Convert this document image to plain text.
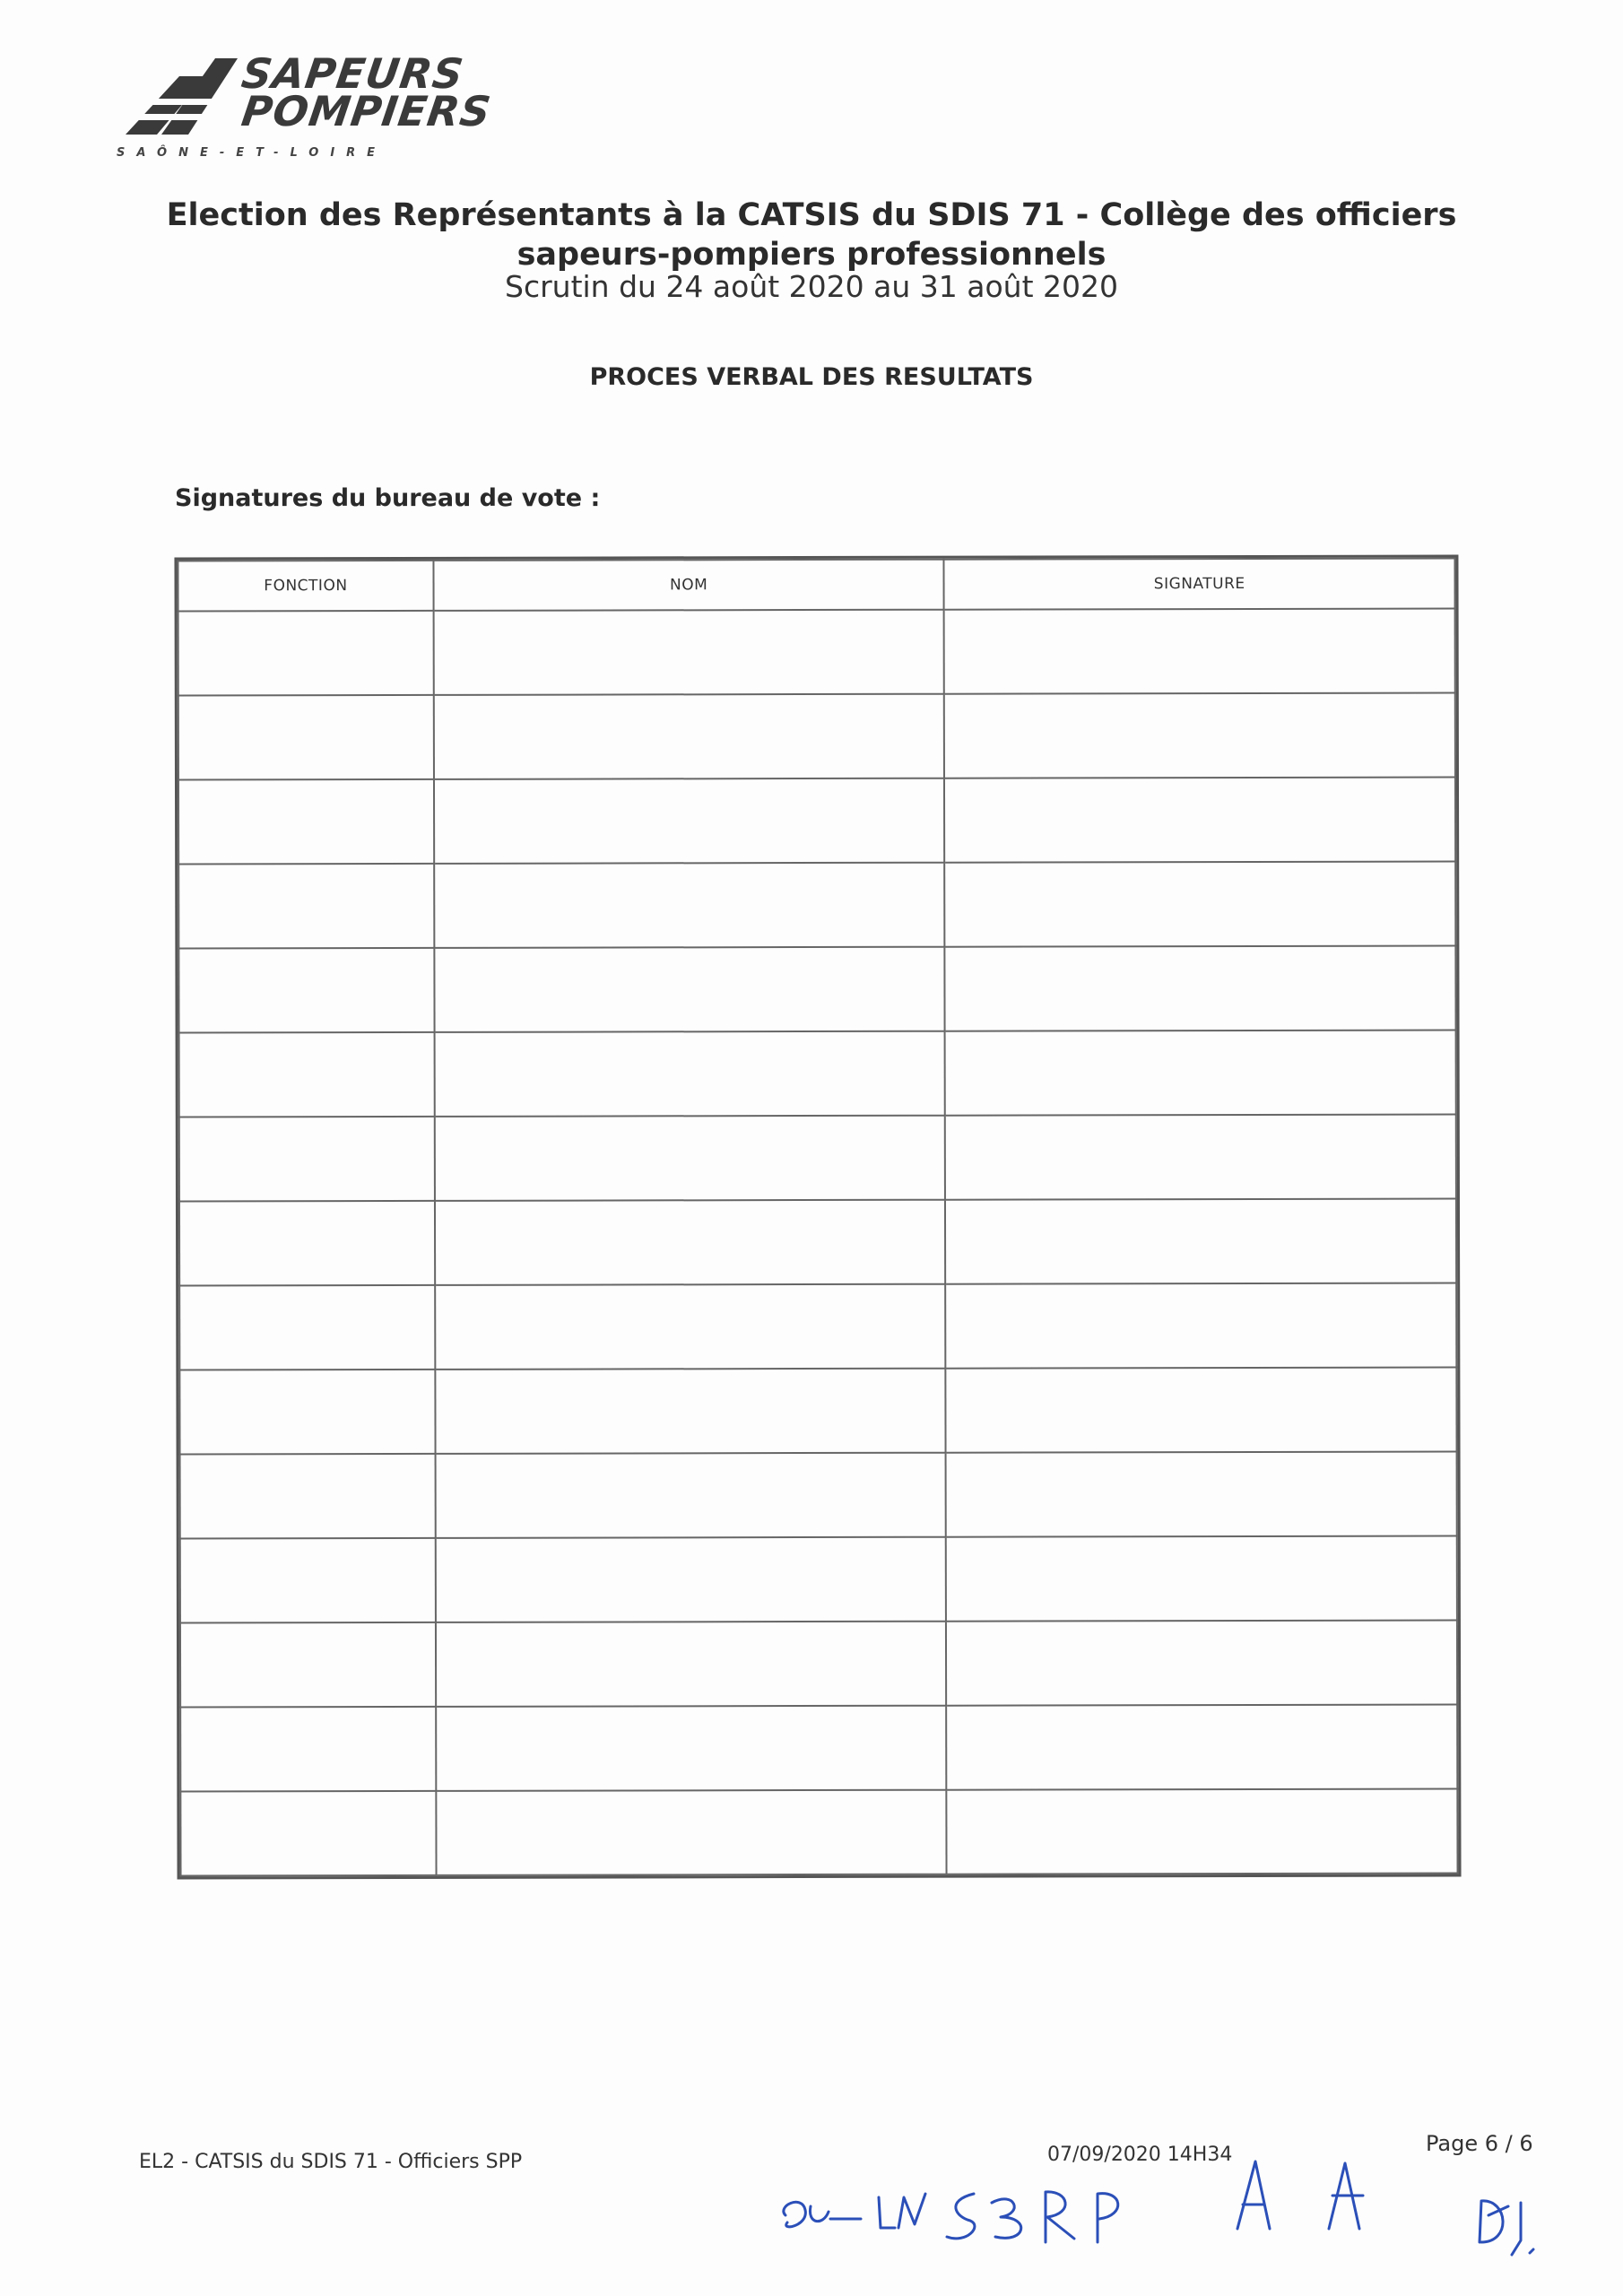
SAPEURS
POMPIERS
SAÔNE-ET-LOIRE
Election des Représentants à la CATSIS du SDIS 71 - Collège des officiers sapeurs-pompiers professionnels
Scrutin du 24 août 2020 au 31 août 2020
PROCES VERBAL DES RESULTATS
Signatures du bureau de vote :
FONCTION	NOM	SIGNATURE

EL2 - CATSIS du SDIS 71 - Officiers SPP	07/09/2020 14H34	Page 6 / 6
